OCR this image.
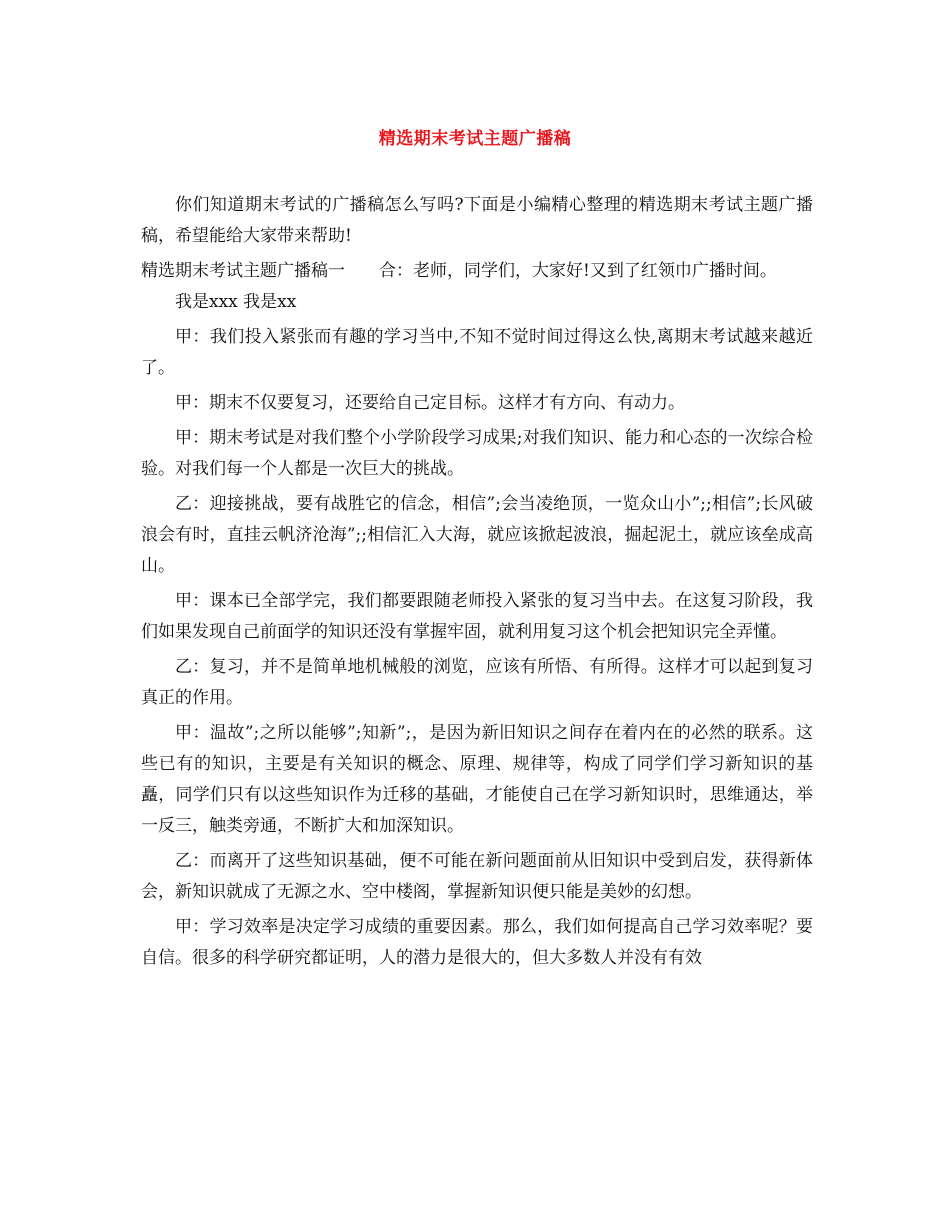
精选期末考试主题广播稿

你们知道期末考试的广播稿怎么写吗?下面是小编精心整理的精选期末考试主题广播稿，希望能给大家带来帮助!

精选期末考试主题广播稿一　　合：老师，同学们，大家好!又到了红领巾广播时间。

我是xxx 我是xx

甲：我们投入紧张而有趣的学习当中,不知不觉时间过得这么快,离期末考试越来越近了。

甲：期末不仅要复习，还要给自己定目标。这样才有方向、有动力。

甲：期末考试是对我们整个小学阶段学习成果;对我们知识、能力和心态的一次综合检验。对我们每一个人都是一次巨大的挑战。

乙：迎接挑战，要有战胜它的信念，相信”;会当凌绝顶，一览众山小”;;相信”;长风破浪会有时，直挂云帆济沧海”;;相信汇入大海，就应该掀起波浪，掘起泥土，就应该垒成高山。

甲：课本已全部学完，我们都要跟随老师投入紧张的复习当中去。在这复习阶段，我们如果发现自己前面学的知识还没有掌握牢固，就利用复习这个机会把知识完全弄懂。

乙：复习，并不是简单地机械般的浏览，应该有所悟、有所得。这样才可以起到复习真正的作用。

甲：温故”;之所以能够”;知新”;，是因为新旧知识之间存在着内在的必然的联系。这些已有的知识，主要是有关知识的概念、原理、规律等，构成了同学们学习新知识的基矗，同学们只有以这些知识作为迁移的基础，才能使自己在学习新知识时，思维通达，举一反三，触类旁通，不断扩大和加深知识。

乙：而离开了这些知识基础，便不可能在新问题面前从旧知识中受到启发，获得新体会，新知识就成了无源之水、空中楼阁，掌握新知识便只能是美妙的幻想。

甲：学习效率是决定学习成绩的重要因素。那么，我们如何提高自己学习效率呢？要自信。很多的科学研究都证明，人的潜力是很大的，但大多数人并没有有效
